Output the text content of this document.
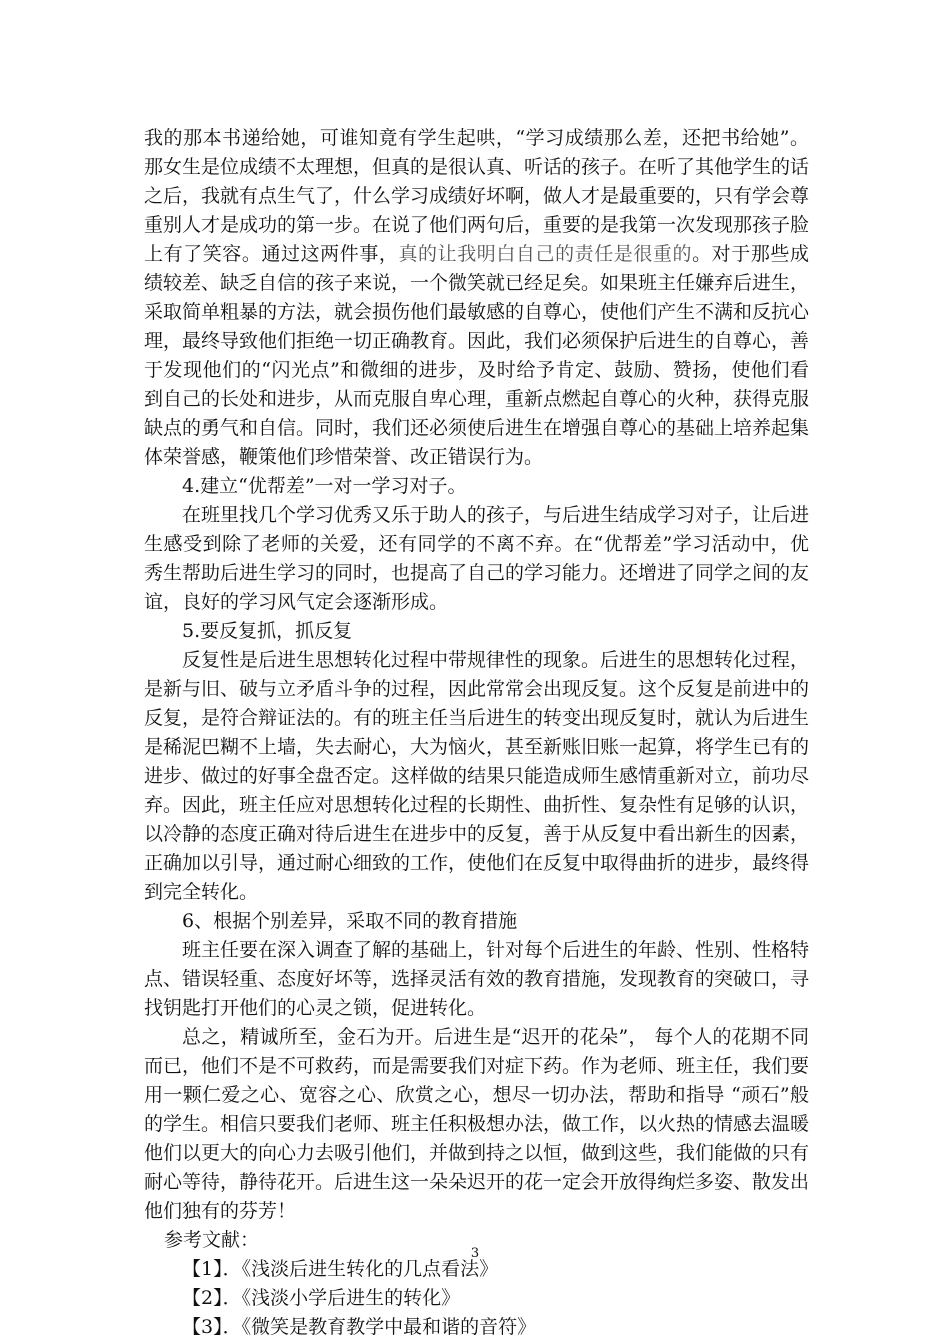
我的那本书递给她，可谁知竟有学生起哄，“学习成绩那么差，还把书给她”。那女生是位成绩不太理想，但真的是很认真、听话的孩子。在听了其他学生的话之后，我就有点生气了，什么学习成绩好坏啊，做人才是最重要的，只有学会尊重别人才是成功的第一步。在说了他们两句后，重要的是我第一次发现那孩子脸上有了笑容。通过这两件事，真的让我明白自己的责任是很重的。对于那些成绩较差、缺乏自信的孩子来说，一个微笑就已经足矣。如果班主任嫌弃后进生，采取简单粗暴的方法，就会损伤他们最敏感的自尊心，使他们产生不满和反抗心理，最终导致他们拒绝一切正确教育。因此，我们必须保护后进生的自尊心，善于发现他们的“闪光点”和微细的进步，及时给予肯定、鼓励、赞扬，使他们看到自己的长处和进步，从而克服自卑心理，重新点燃起自尊心的火种，获得克服缺点的勇气和自信。同时，我们还必须使后进生在增强自尊心的基础上培养起集体荣誉感，鞭策他们珍惜荣誉、改正错误行为。

4.建立“优帮差”一对一学习对子。

在班里找几个学习优秀又乐于助人的孩子，与后进生结成学习对子，让后进生感受到除了老师的关爱，还有同学的不离不弃。在“优帮差”学习活动中，优秀生帮助后进生学习的同时，也提高了自己的学习能力。还增进了同学之间的友谊，良好的学习风气定会逐渐形成。

5.要反复抓，抓反复

反复性是后进生思想转化过程中带规律性的现象。后进生的思想转化过程，是新与旧、破与立矛盾斗争的过程，因此常常会出现反复。这个反复是前进中的反复，是符合辩证法的。有的班主任当后进生的转变出现反复时，就认为后进生是稀泥巴糊不上墙，失去耐心，大为恼火，甚至新账旧账一起算，将学生已有的进步、做过的好事全盘否定。这样做的结果只能造成师生感情重新对立，前功尽弃。因此，班主任应对思想转化过程的长期性、曲折性、复杂性有足够的认识，以冷静的态度正确对待后进生在进步中的反复，善于从反复中看出新生的因素，正确加以引导，通过耐心细致的工作，使他们在反复中取得曲折的进步，最终得到完全转化。

6、根据个别差异，采取不同的教育措施

班主任要在深入调查了解的基础上，针对每个后进生的年龄、性别、性格特点、错误轻重、态度好坏等，选择灵活有效的教育措施，发现教育的突破口，寻找钥匙打开他们的心灵之锁，促进转化。

总之，精诚所至，金石为开。后进生是“迟开的花朵”， 每个人的花期不同而已，他们不是不可救药，而是需要我们对症下药。作为老师、班主任，我们要用一颗仁爱之心、宽容之心、欣赏之心，想尽一切办法，帮助和指导 “顽石”般的学生。相信只要我们老师、班主任积极想办法，做工作，以火热的情感去温暖他们以更大的向心力去吸引他们，并做到持之以恒，做到这些，我们能做的只有耐心等待，静待花开。后进生这一朵朵迟开的花一定会开放得绚烂多姿、散发出他们独有的芬芳！

参考文献：

【1】．《浅淡后进生转化的几点看法》

【2】．《浅淡小学后进生的转化》

【3】．《微笑是教育教学中最和谐的音符》

3
